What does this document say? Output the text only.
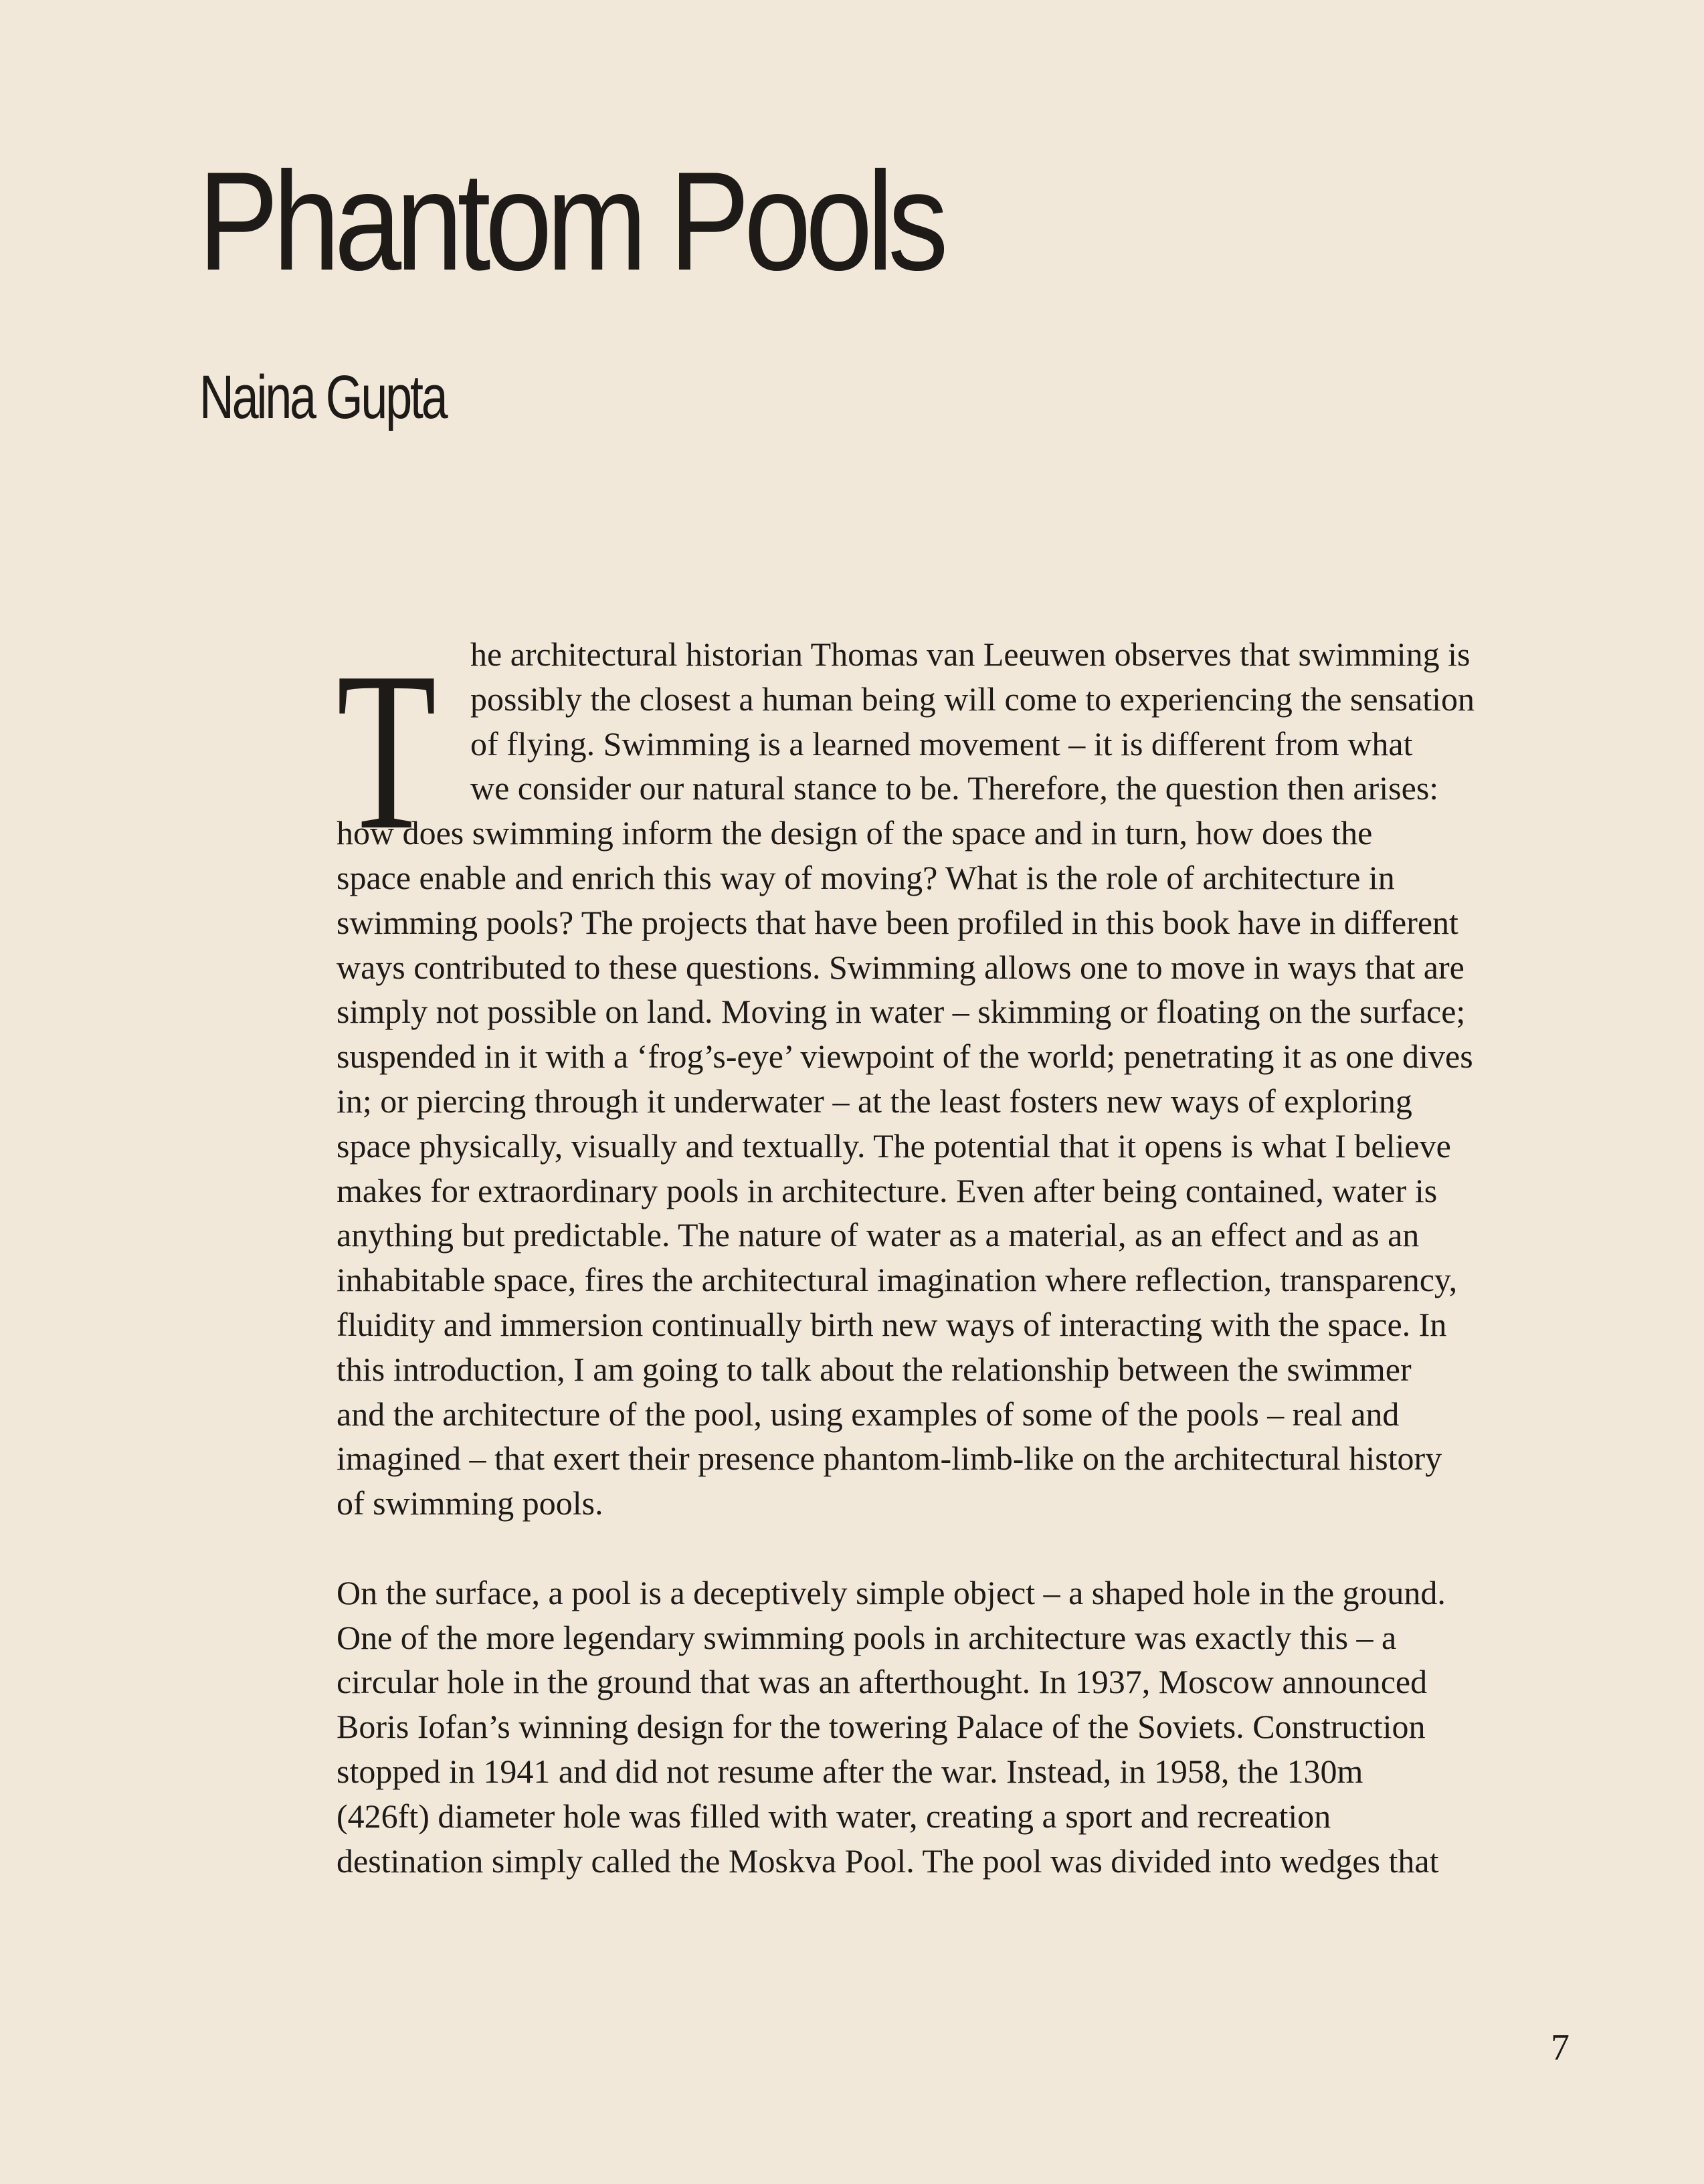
Phantom Pools
Naina Gupta
T	he architectural historian Thomas van Leeuwen observes that swimming is
possibly the closest a human being will come to experiencing the sensation
of flying. Swimming is a learned movement – it is different from what
we consider our natural stance to be. Therefore, the question then arises:
how does swimming inform the design of the space and in turn, how does the
space enable and enrich this way of moving? What is the role of architecture in
swimming pools? The projects that have been profiled in this book have in different
ways contributed to these questions. Swimming allows one to move in ways that are
simply not possible on land. Moving in water – skimming or floating on the surface;
suspended in it with a ‘frog’s-eye’ viewpoint of the world; penetrating it as one dives
in; or piercing through it underwater – at the least fosters new ways of exploring
space physically, visually and textually. The potential that it opens is what I believe
makes for extraordinary pools in architecture. Even after being contained, water is
anything but predictable. The nature of water as a material, as an effect and as an
inhabitable space, fires the architectural imagination where reflection, transparency,
fluidity and immersion continually birth new ways of interacting with the space. In
this introduction, I am going to talk about the relationship between the swimmer
and the architecture of the pool, using examples of some of the pools – real and
imagined – that exert their presence phantom-limb-like on the architectural history
of swimming pools.
On the surface, a pool is a deceptively simple object – a shaped hole in the ground.
One of the more legendary swimming pools in architecture was exactly this – a
circular hole in the ground that was an afterthought. In 1937, Moscow announced
Boris Iofan’s winning design for the towering Palace of the Soviets. Construction
stopped in 1941 and did not resume after the war. Instead, in 1958, the 130m
(426ft) diameter hole was filled with water, creating a sport and recreation
destination simply called the Moskva Pool. The pool was divided into wedges that
7
